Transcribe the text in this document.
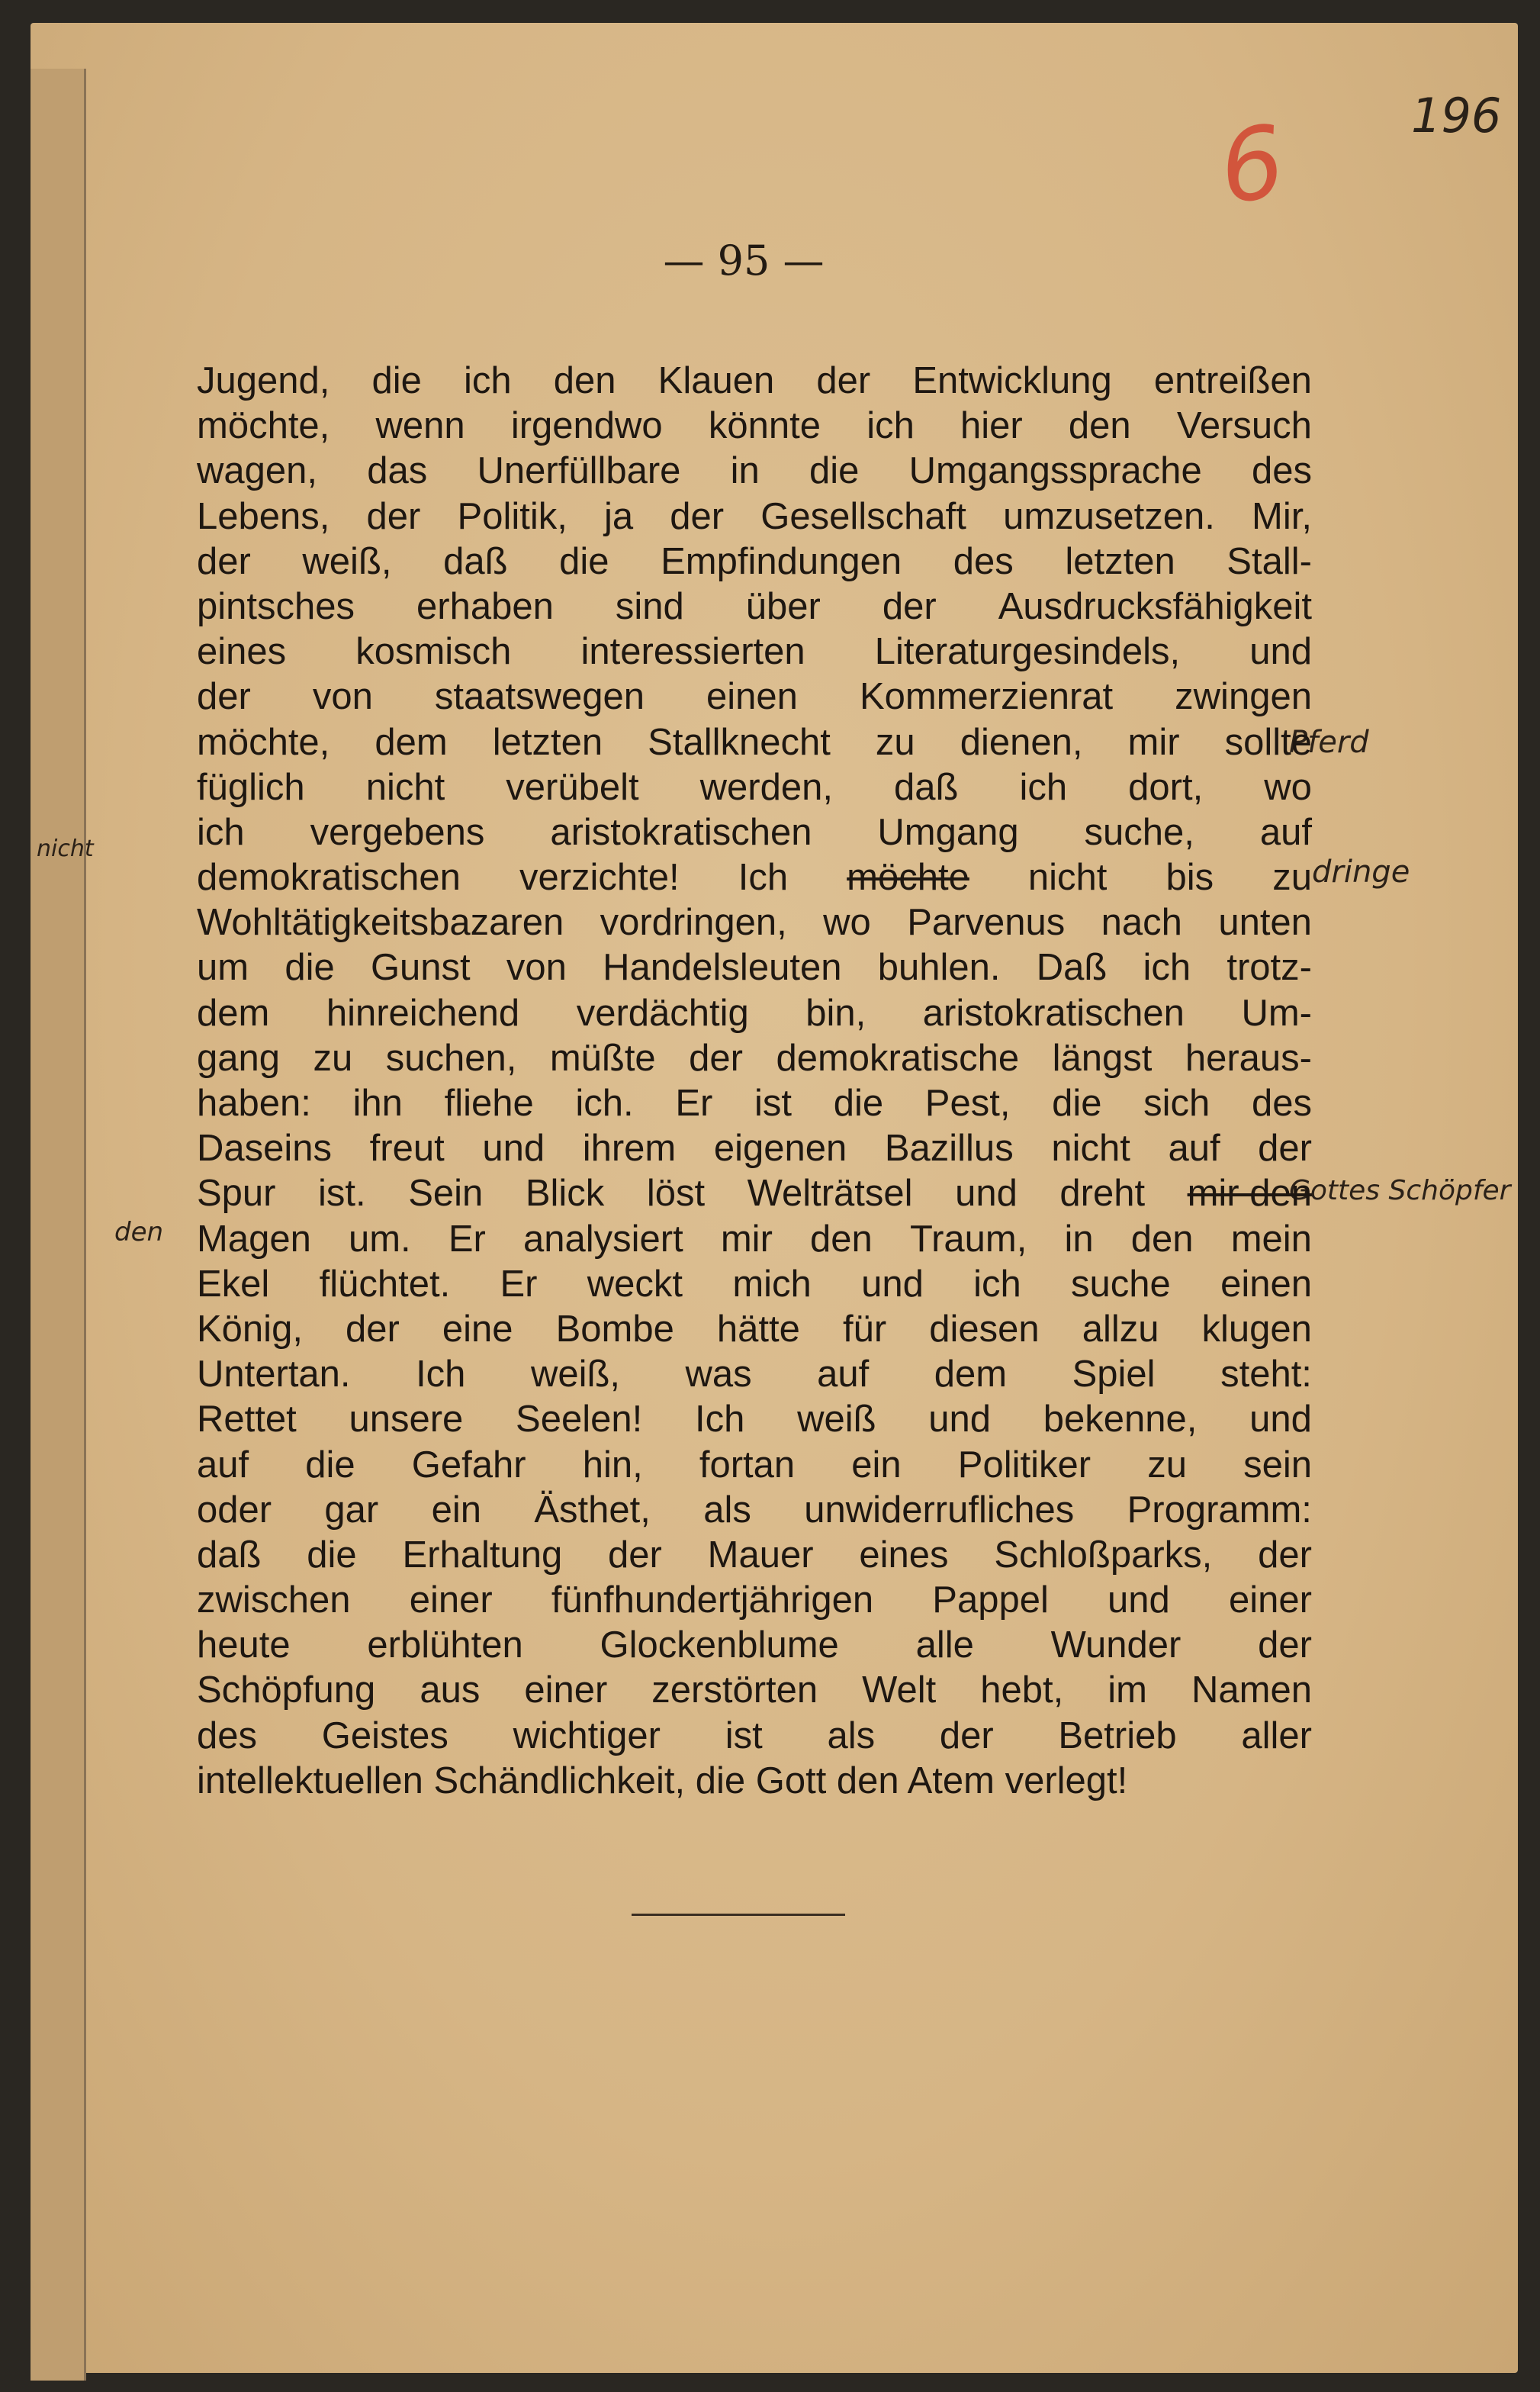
nicht
den
6	196
Pferd
dringe
Gottes Schöpfer
— 95 —
Jugend, die ich den Klauen der Entwicklung entreißen
möchte, wenn irgendwo könnte ich hier den Versuch
wagen, das Unerfüllbare in die Umgangssprache des
Lebens, der Politik, ja der Gesellschaft umzusetzen. Mir,
der weiß, daß die Empfindungen des letzten Stall-
pintsches erhaben sind über der Ausdrucksfähigkeit
eines kosmisch interessierten Literaturgesindels, und
der von staatswegen einen Kommerzienrat zwingen
möchte, dem letzten Stallknecht zu dienen, mir sollte
füglich nicht verübelt werden, daß ich dort, wo
ich vergebens aristokratischen Umgang suche, auf
demokratischen verzichte! Ich möchte nicht bis zu
Wohltätigkeitsbazaren vordringen, wo Parvenus nach unten
um die Gunst von Handelsleuten buhlen. Daß ich trotz-
dem hinreichend verdächtig bin, aristokratischen Um-
gang zu suchen, müßte der demokratische längst heraus-
haben: ihn fliehe ich. Er ist die Pest, die sich des
Daseins freut und ihrem eigenen Bazillus nicht auf der
Spur ist. Sein Blick löst Welträtsel und dreht mir den
Magen um. Er analysiert mir den Traum, in den mein
Ekel flüchtet. Er weckt mich und ich suche einen
König, der eine Bombe hätte für diesen allzu klugen
Untertan. Ich weiß, was auf dem Spiel steht:
Rettet unsere Seelen! Ich weiß und bekenne, und
auf die Gefahr hin, fortan ein Politiker zu sein
oder gar ein Ästhet, als unwiderrufliches Programm:
daß die Erhaltung der Mauer eines Schloßparks, der
zwischen einer fünfhundertjährigen Pappel und einer
heute erblühten Glockenblume alle Wunder der
Schöpfung aus einer zerstörten Welt hebt, im Namen
des Geistes wichtiger ist als der Betrieb aller
intellektuellen Schändlichkeit, die Gott den Atem verlegt!
